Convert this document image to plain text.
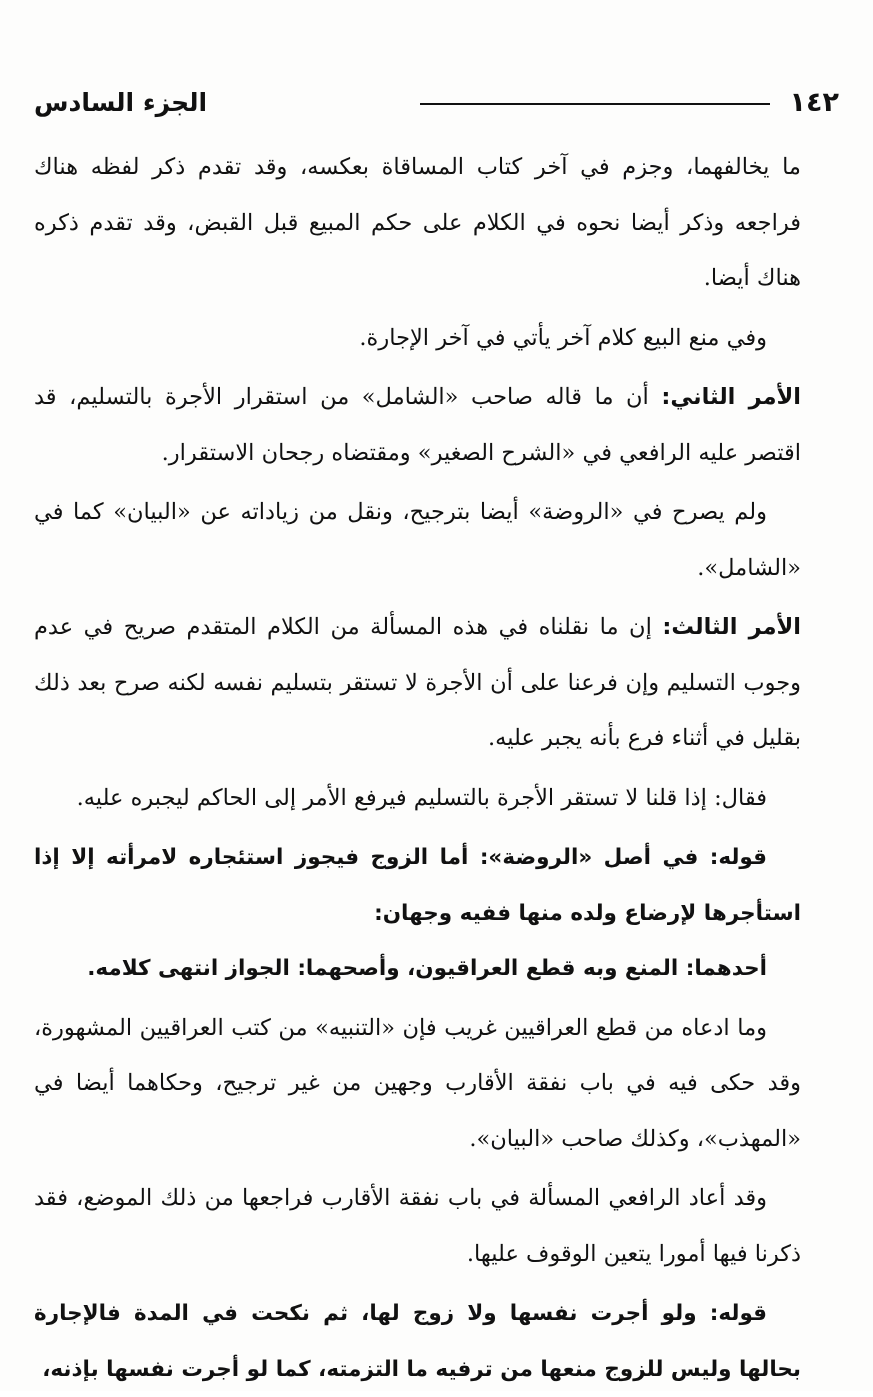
١٤٢
الجزء السادس

ما يخالفهما، وجزم في آخر كتاب المساقاة بعكسه، وقد تقدم ذكر لفظه هناك فراجعه وذكر أيضا نحوه في الكلام على حكم المبيع قبل القبض، وقد تقدم ذكره هناك أيضا.

وفي منع البيع كلام آخر يأتي في آخر الإجارة.

الأمر الثاني: أن ما قاله صاحب «الشامل» من استقرار الأجرة بالتسليم، قد اقتصر عليه الرافعي في «الشرح الصغير» ومقتضاه رجحان الاستقرار.

ولم يصرح في «الروضة» أيضا بترجيح، ونقل من زياداته عن «البيان» كما في «الشامل».

الأمر الثالث: إن ما نقلناه في هذه المسألة من الكلام المتقدم صريح في عدم وجوب التسليم وإن فرعنا على أن الأجرة لا تستقر بتسليم نفسه لكنه صرح بعد ذلك بقليل في أثناء فرع بأنه يجبر عليه.

فقال: إذا قلنا لا تستقر الأجرة بالتسليم فيرفع الأمر إلى الحاكم ليجبره عليه.

قوله: في أصل «الروضة»: أما الزوج فيجوز استئجاره لامرأته إلا إذا استأجرها لإرضاع ولده منها ففيه وجهان:

أحدهما: المنع وبه قطع العراقيون، وأصحهما: الجواز انتهى كلامه.

وما ادعاه من قطع العراقيين غريب فإن «التنبيه» من كتب العراقيين المشهورة، وقد حكى فيه في باب نفقة الأقارب وجهين من غير ترجيح، وحكاهما أيضا في «المهذب»، وكذلك صاحب «البيان».

وقد أعاد الرافعي المسألة في باب نفقة الأقارب فراجعها من ذلك الموضع، فقد ذكرنا فيها أمورا يتعين الوقوف عليها.

قوله: ولو أجرت نفسها ولا زوج لها، ثم نكحت في المدة فالإجارة بحالها وليس للزوج منعها من ترفيه ما التزمته، كما لو أجرت نفسها بإذنه،
